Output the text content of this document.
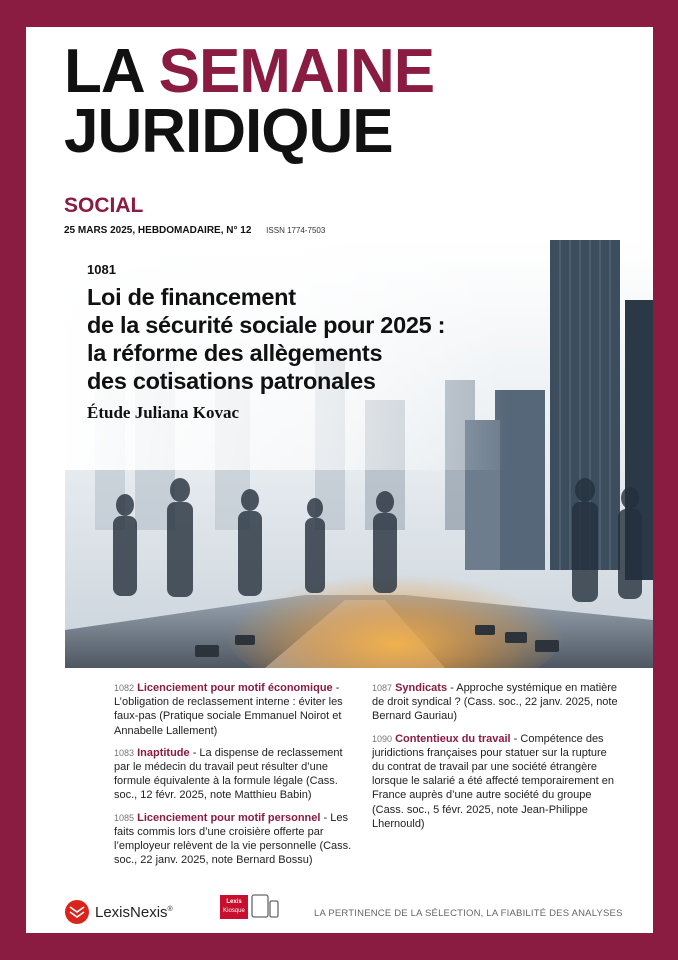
LA SEMAINE
JURIDIQUE
SOCIAL
25 MARS 2025, HEBDOMADAIRE, N° 12 ISSN 1774-7503
1081
Loi de financement
de la sécurité sociale pour 2025 :
la réforme des allègements
des cotisations patronales
Étude Juliana Kovac
1082 Licenciement pour motif économique - L’obligation de reclassement interne : éviter les faux-pas (Pratique sociale Emmanuel Noirot et Annabelle Lallement)
1083 Inaptitude - La dispense de reclassement par le médecin du travail peut résulter d’une formule équivalente à la formule légale (Cass. soc., 12 févr. 2025, note Matthieu Babin)
1085 Licenciement pour motif personnel - Les faits commis lors d’une croisière offerte par l’employeur relèvent de la vie personnelle (Cass. soc., 22 janv. 2025, note Bernard Bossu)
1087 Syndicats - Approche systémique en matière de droit syndical ? (Cass. soc., 22 janv. 2025, note Bernard Gauriau)
1090 Contentieux du travail - Compétence des juridictions françaises pour statuer sur la rupture du contrat de travail par une société étrangère lorsque le salarié a été affecté temporairement en France auprès d’une autre société du groupe (Cass. soc., 5 févr. 2025, note Jean-Philippe Lhernould)
LexisNexis®
Lexis
Kiosque	LA PERTINENCE DE LA SÉLECTION, LA FIABILITÉ DES ANALYSES
